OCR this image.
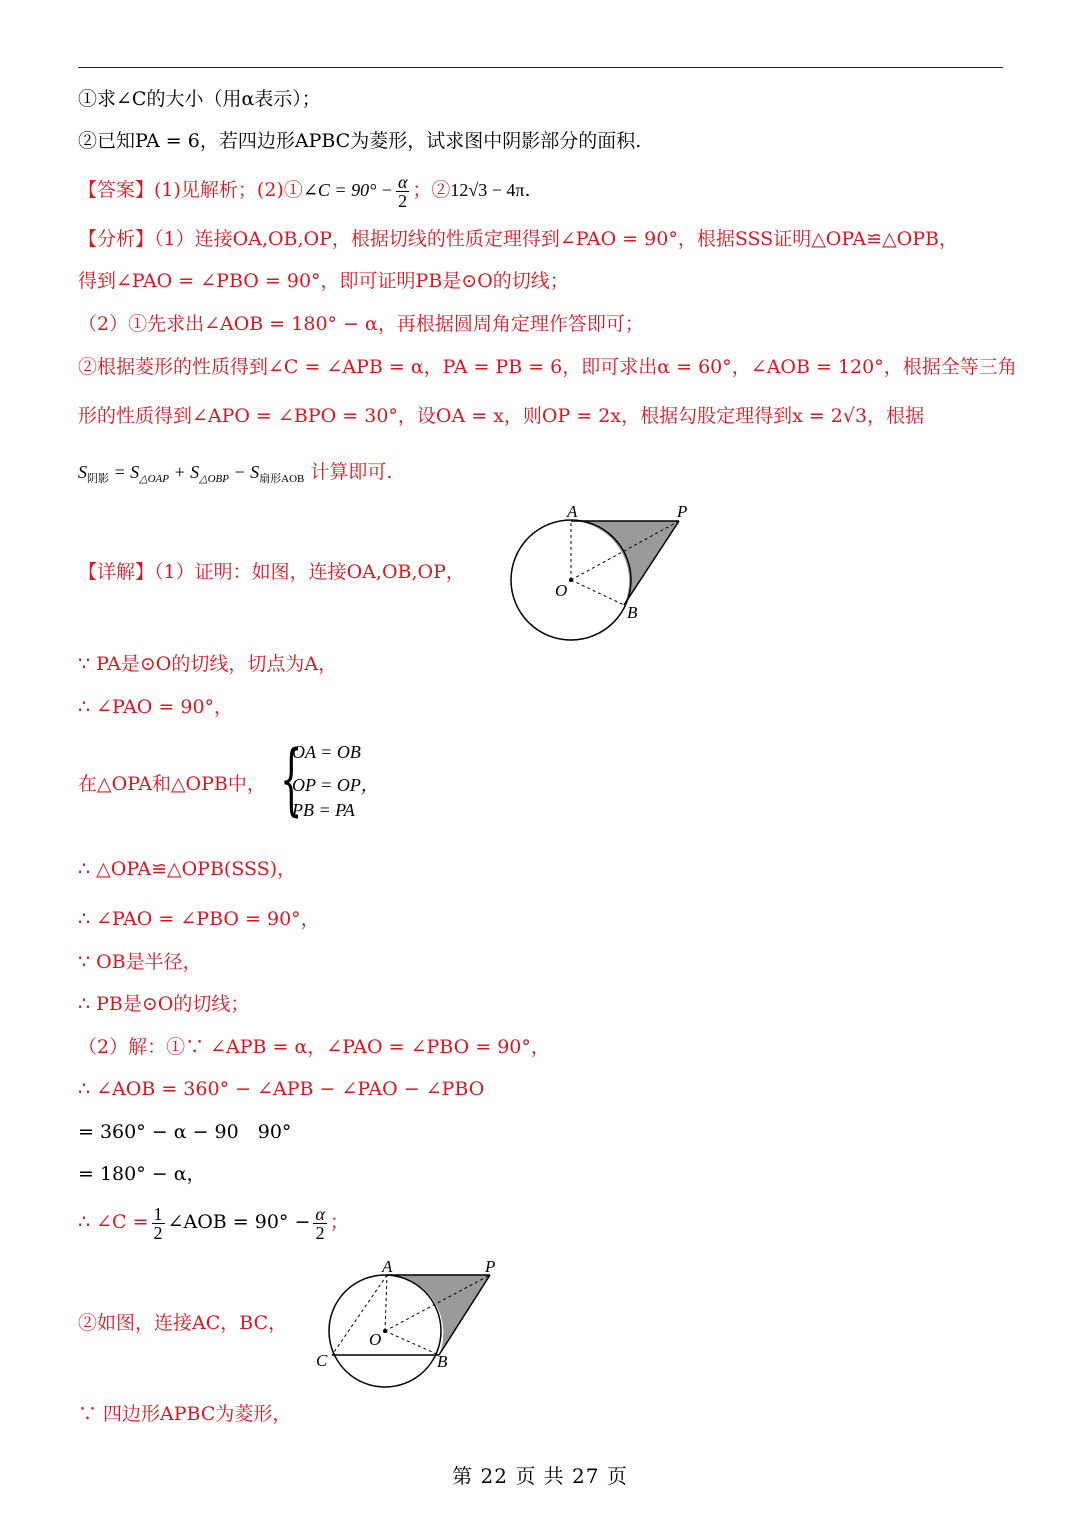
①求∠C的大小（用α表示）；
②已知PA = 6，若四边形APBC为菱形，试求图中阴影部分的面积.
【答案】(1)见解析；(2)①∠C = $90^\circ - \frac{\alpha}{2}$ ；②12√3 − 4π.
【分析】（1）连接OA,OB,OP，根据切线的性质定理得到∠PAO = 90°，根据SSS证明△OPA≌△OPB，
得到∠PAO = ∠PBO = 90°，即可证明PB是⊙O的切线；
（2）①先求出∠AOB = 180° − α，再根据圆周角定理作答即可；
②根据菱形的性质得到∠C = ∠APB = α，PA = PB = 6，即可求出α = 60°，∠AOB = 120°，根据全等三角
形的性质得到∠APO = ∠BPO = 30°，设OA = x，则OP = 2x，根据勾股定理得到x = 2√3，根据
$S_{阴影} = S_{\triangle OAP} + S_{\triangle OBP} - S_{扇形AOB}$ 计算即可.
【详解】（1）证明：如图，连接OA,OB,OP，
A	P
O
B
∵ PA是⊙O的切线，切点为A，
∴ ∠PAO = 90°，
在△OPA和△OPB中， {
OA = OB
OP = OP，
PB = PA
∴ △OPA≌△OPB(SSS)，
∴ ∠PAO = ∠PBO = 90°，
∵ OB是半径，
∴ PB是⊙O的切线；
（2）解：①∵ ∠APB = α，∠PAO = ∠PBO = 90°，
∴ ∠AOB = 360° − ∠APB − ∠PAO − ∠PBO
= 360° − α − 90　90°
= 180° − α，
∴ ∠C = $\frac{1}{2}$ ∠AOB = $90^\circ - \frac{\alpha}{2}$ ；
②如图，连接AC，BC，
A	P
O
C	B
∵ 四边形APBC为菱形，
第 22 页 共 27 页
